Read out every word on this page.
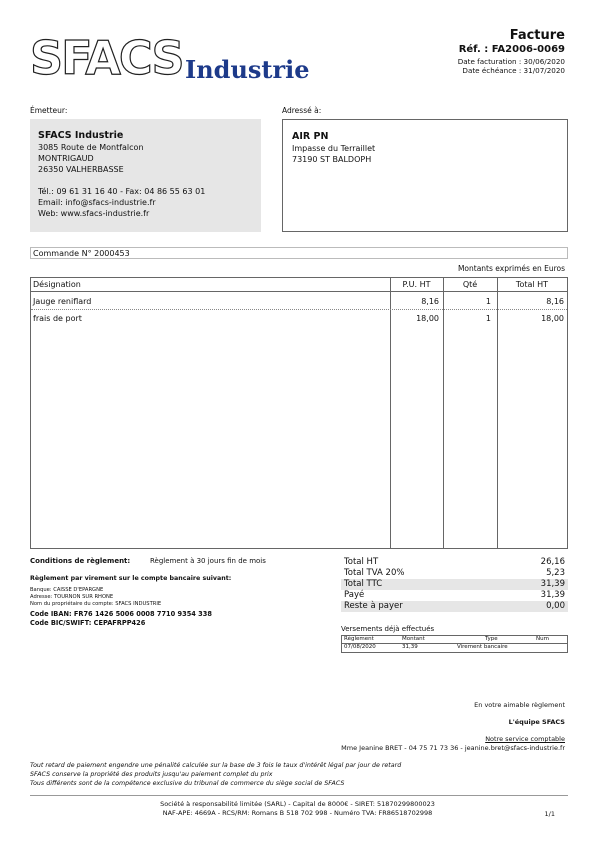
SFACS Industrie
Facture
Réf. : FA2006-0069
Date facturation : 30/06/2020
Date échéance : 31/07/2020
Émetteur:	Adressé à:
SFACS Industrie
3085 Route de Montfalcon
MONTRIGAUD
26350 VALHERBASSE
Tél.: 09 61 31 16 40 - Fax: 04 86 55 63 01
Email: info@sfacs-industrie.fr
Web: www.sfacs-industrie.fr
AIR PN
Impasse du Terraillet
73190 ST BALDOPH
Commande N° 2000453
Montants exprimés en Euros
Désignation	P.U. HT	Qté	Total HT
Jauge reniflard	8,16	1	8,16
frais de port	18,00	1	18,00
Conditions de règlement:	Règlement à 30 jours fin de mois
Règlement par virement sur le compte bancaire suivant:
Banque: CAISSE D'EPARGNE
Adresse: TOURNON SUR RHONE
Nom du propriétaire du compte: SFACS INDUSTRIE
Code IBAN: FR76 1426 5006 0008 7710 9354 338
Code BIC/SWIFT: CEPAFRPP426
Total HT	26,16
Total TVA 20%	5,23
Total TTC	31,39
Payé	31,39
Reste à payer	0,00
Versements déjà effectués
Règlement	Montant	Type	Num
07/08/2020	31,39	Virement bancaire
En votre aimable règlement
L'équipe SFACS
Notre service comptable
Mme Jeanine BRET - 04 75 71 73 36 - jeanine.bret@sfacs-industrie.fr
Tout retard de paiement engendre une pénalité calculée sur la base de 3 fois le taux d'intérêt légal par jour de retard
SFACS conserve la propriété des produits jusqu'au paiement complet du prix
Tous différents sont de la compétence exclusive du tribunal de commerce du siège social de SFACS
Société à responsabilité limitée (SARL) - Capital de 8000€ - SIRET: 51870299800023
NAF-APE: 4669A - RCS/RM: Romans B 518 702 998 - Numéro TVA: FR86518702998	1/1
